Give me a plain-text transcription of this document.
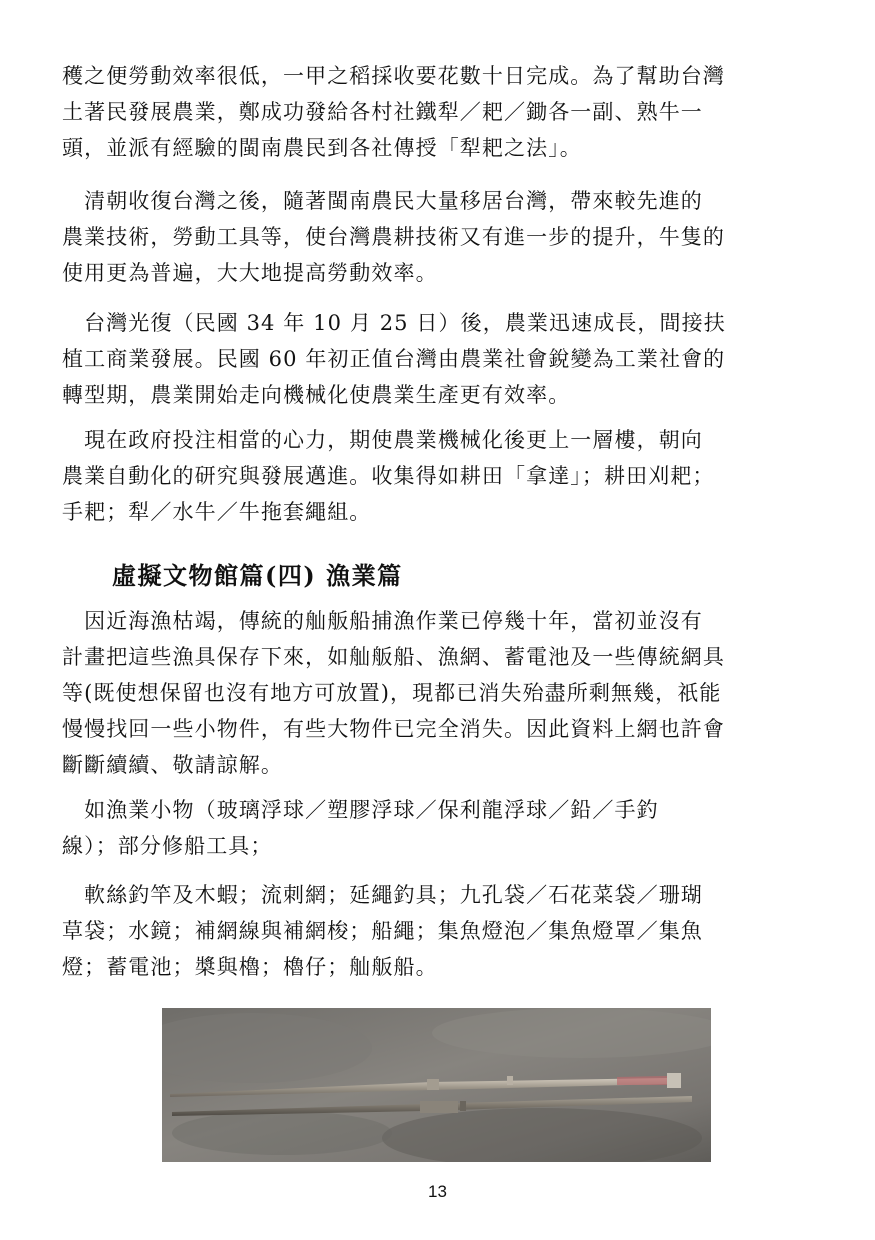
穫之便勞動效率很低，一甲之稻採收要花數十日完成。為了幫助台灣
土著民發展農業，鄭成功發給各村社鐵犁／耙／鋤各一副、熟牛一
頭，並派有經驗的閩南農民到各社傳授「犁耙之法」。

　清朝收復台灣之後，隨著閩南農民大量移居台灣，帶來較先進的
農業技術，勞動工具等，使台灣農耕技術又有進一步的提升，牛隻的
使用更為普遍，大大地提高勞動效率。

　台灣光復（民國 34 年 10 月 25 日）後，農業迅速成長，間接扶
植工商業發展。民國 60 年初正值台灣由農業社會銳變為工業社會的
轉型期，農業開始走向機械化使農業生產更有效率。

　現在政府投注相當的心力，期使農業機械化後更上一層樓，朝向
農業自動化的研究與發展邁進。收集得如耕田「拿達」；耕田刈耙；
手耙；犁／水牛／牛拖套繩組。

虛擬文物館篇(四) 漁業篇

　因近海漁枯竭，傳統的舢舨船捕漁作業已停幾十年，當初並沒有
計畫把這些漁具保存下來，如舢舨船、漁網、蓄電池及一些傳統網具
等(既使想保留也沒有地方可放置)，現都已消失殆盡所剩無幾，祇能
慢慢找回一些小物件，有些大物件已完全消失。因此資料上網也許會
斷斷續續、敬請諒解。

　如漁業小物（玻璃浮球／塑膠浮球／保利龍浮球／鉛／手釣
線）；部分修船工具；

　軟絲釣竿及木蝦；流刺網；延繩釣具；九孔袋／石花菜袋／珊瑚
草袋；水鏡；補網線與補網梭；船繩；集魚燈泡／集魚燈罩／集魚
燈；蓄電池；槳與櫓；櫓仔；舢舨船。

13
